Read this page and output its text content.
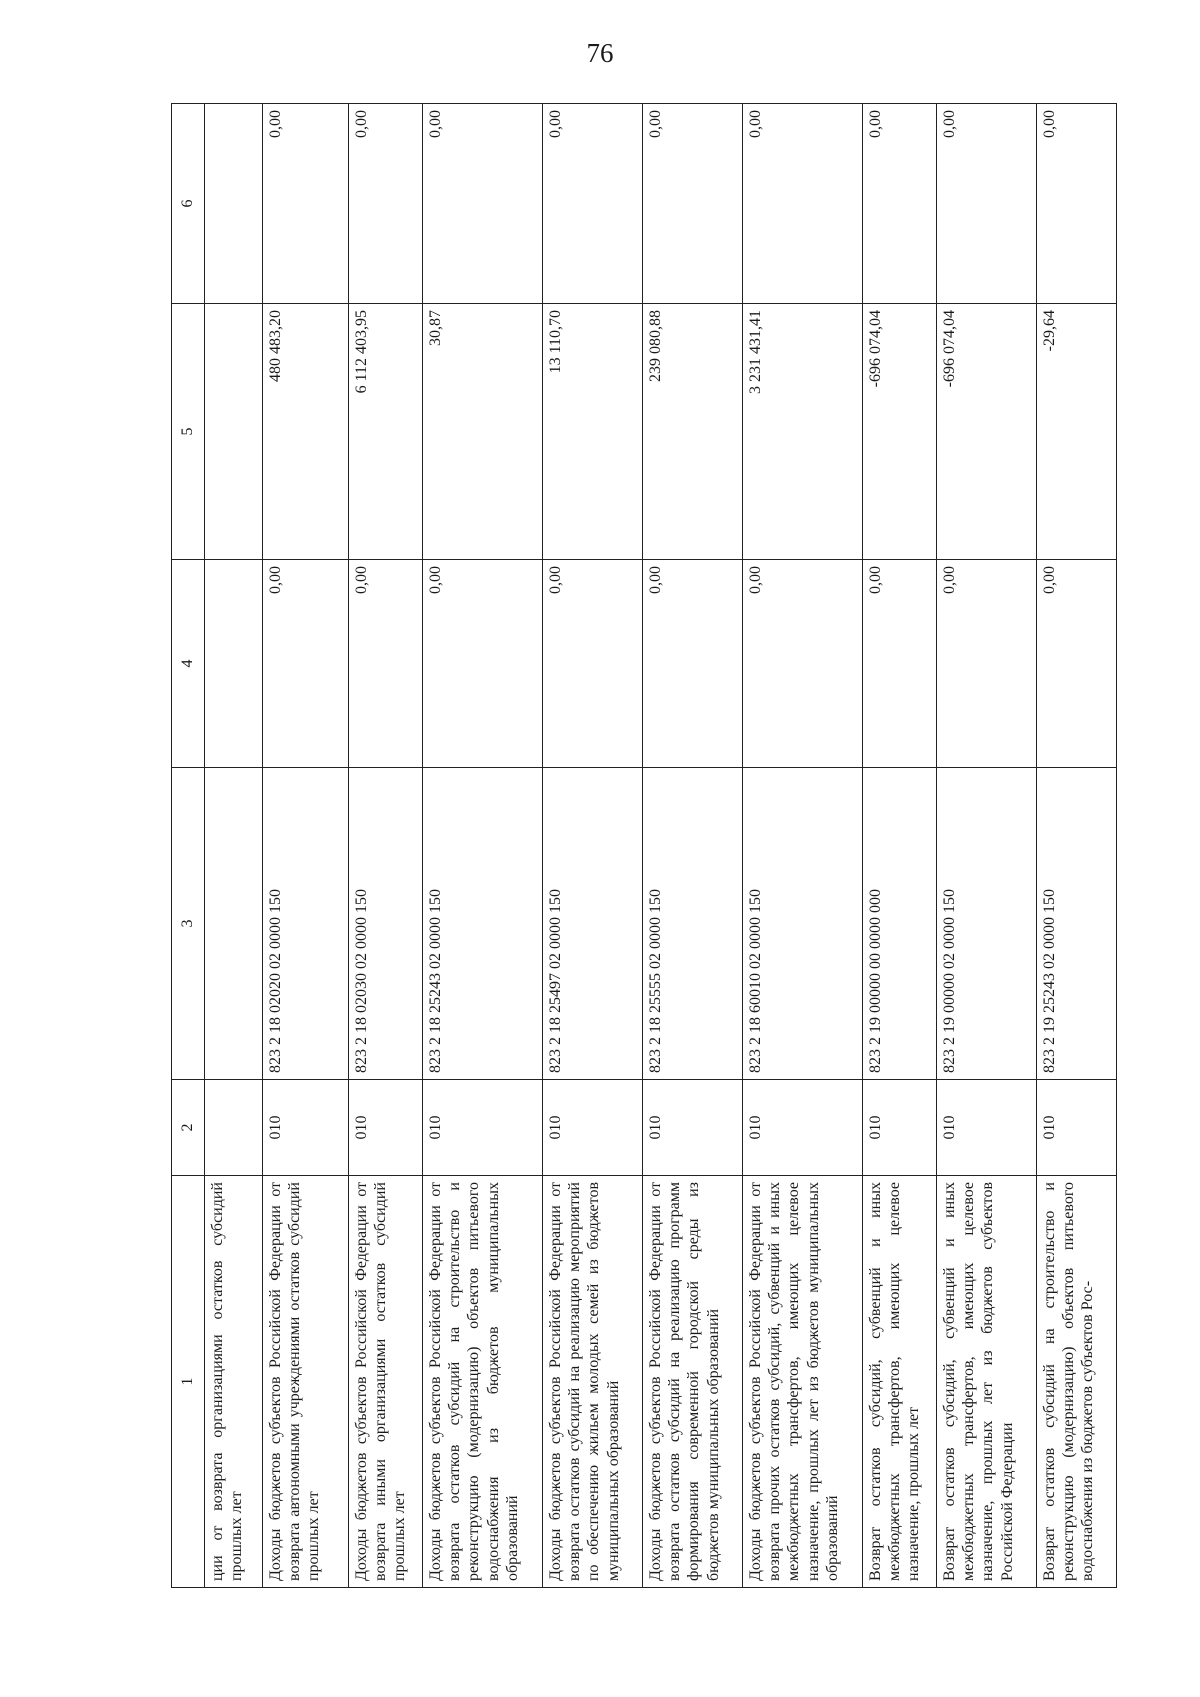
76
1	2	3	4	5	6
ции от возврата организациями остатков субсидий прошлых лет					
Доходы бюджетов субъектов Российской Федерации от возврата автономными учреждениями остатков субсидий прошлых лет	010	823 2 18 02020 02 0000 150	0,00	480 483,20	0,00
Доходы бюджетов субъектов Российской Федерации от возврата иными организациями остатков субсидий прошлых лет	010	823 2 18 02030 02 0000 150	0,00	6 112 403,95	0,00
Доходы бюджетов субъектов Российской Федерации от возврата остатков субсидий на строительство и реконструкцию (модернизацию) объектов питьевого водоснабжения из бюджетов муниципальных образований	010	823 2 18 25243 02 0000 150	0,00	30,87	0,00
Доходы бюджетов субъектов Российской Федерации от возврата остатков субсидий на реализацию мероприятий по обеспечению жильем молодых семей из бюджетов муниципальных образований	010	823 2 18 25497 02 0000 150	0,00	13 110,70	0,00
Доходы бюджетов субъектов Российской Федерации от возврата остатков субсидий на реализацию программ формирования современной городской среды из бюджетов муниципальных образований	010	823 2 18 25555 02 0000 150	0,00	239 080,88	0,00
Доходы бюджетов субъектов Российской Федерации от возврата прочих остатков субсидий, субвенций и иных межбюджетных трансфертов, имеющих целевое назначение, прошлых лет из бюджетов муниципальных образований	010	823 2 18 60010 02 0000 150	0,00	3 231 431,41	0,00
Возврат остатков субсидий, субвенций и иных межбюджетных трансфертов, имеющих целевое назначение, прошлых лет	010	823 2 19 00000 00 0000 000	0,00	-696 074,04	0,00
Возврат остатков субсидий, субвенций и иных межбюджетных трансфертов, имеющих целевое назначение, прошлых лет из бюджетов субъектов Российской Федерации	010	823 2 19 00000 02 0000 150	0,00	-696 074,04	0,00
Возврат остатков субсидий на строительство и реконструкцию (модернизацию) объектов питьевого водоснабжения из бюджетов субъектов Рос-	010	823 2 19 25243 02 0000 150	0,00	-29,64	0,00
